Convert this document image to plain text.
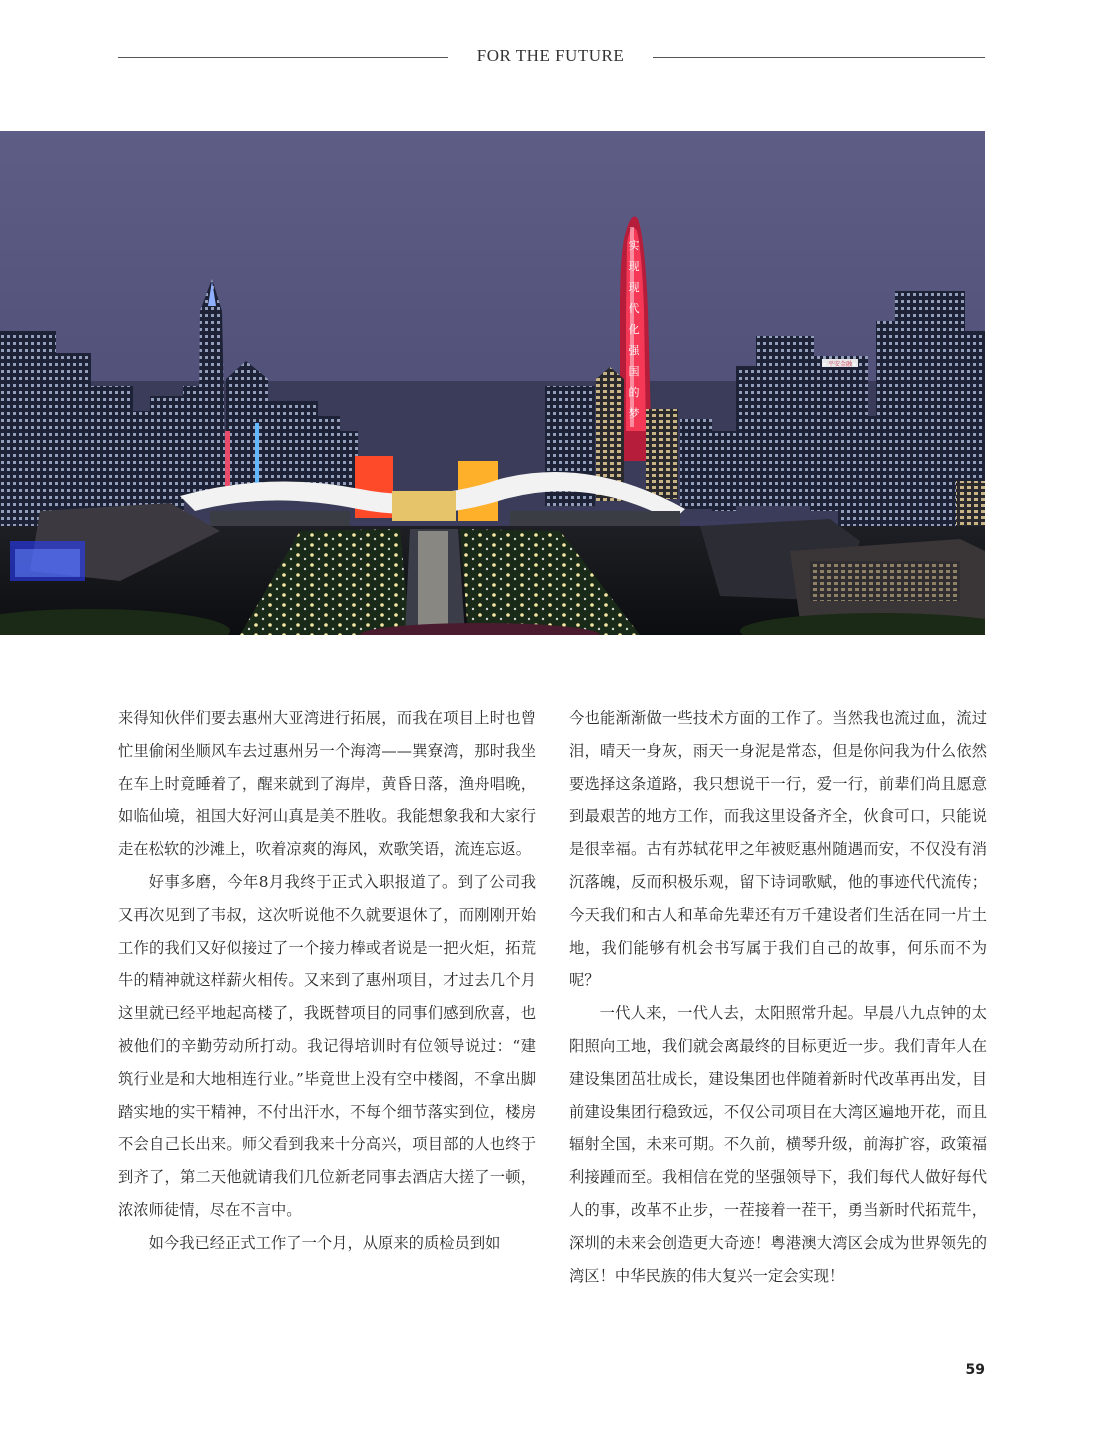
FOR THE FUTURE
平安金融
实
现
现
代
化
强
国
的
梦

来得知伙伴们要去惠州大亚湾进行拓展，而我在项目上时也曾忙里偷闲坐顺风车去过惠州另一个海湾——巽寮湾，那时我坐在车上时竟睡着了，醒来就到了海岸，黄昏日落，渔舟唱晚，如临仙境，祖国大好河山真是美不胜收。我能想象我和大家行走在松软的沙滩上，吹着凉爽的海风，欢歌笑语，流连忘返。

好事多磨，今年8月我终于正式入职报道了。到了公司我又再次见到了韦叔，这次听说他不久就要退休了，而刚刚开始工作的我们又好似接过了一个接力棒或者说是一把火炬，拓荒牛的精神就这样薪火相传。又来到了惠州项目，才过去几个月这里就已经平地起高楼了，我既替项目的同事们感到欣喜，也被他们的辛勤劳动所打动。我记得培训时有位领导说过：“建筑行业是和大地相连行业。”毕竟世上没有空中楼阁，不拿出脚踏实地的实干精神，不付出汗水，不每个细节落实到位，楼房不会自己长出来。师父看到我来十分高兴，项目部的人也终于到齐了，第二天他就请我们几位新老同事去酒店大搓了一顿，浓浓师徒情，尽在不言中。

如今我已经正式工作了一个月，从原来的质检员到如

今也能渐渐做一些技术方面的工作了。当然我也流过血，流过泪，晴天一身灰，雨天一身泥是常态，但是你问我为什么依然要选择这条道路，我只想说干一行，爱一行，前辈们尚且愿意到最艰苦的地方工作，而我这里设备齐全，伙食可口，只能说是很幸福。古有苏轼花甲之年被贬惠州随遇而安，不仅没有消沉落魄，反而积极乐观，留下诗词歌赋，他的事迹代代流传；今天我们和古人和革命先辈还有万千建设者们生活在同一片土地，我们能够有机会书写属于我们自己的故事，何乐而不为呢？

一代人来，一代人去，太阳照常升起。早晨八九点钟的太阳照向工地，我们就会离最终的目标更近一步。我们青年人在建设集团茁壮成长，建设集团也伴随着新时代改革再出发，目前建设集团行稳致远，不仅公司项目在大湾区遍地开花，而且辐射全国，未来可期。不久前，横琴升级，前海扩容，政策福利接踵而至。我相信在党的坚强领导下，我们每代人做好每代人的事，改革不止步，一茬接着一茬干，勇当新时代拓荒牛，深圳的未来会创造更大奇迹！粤港澳大湾区会成为世界领先的湾区！中华民族的伟大复兴一定会实现！

59
